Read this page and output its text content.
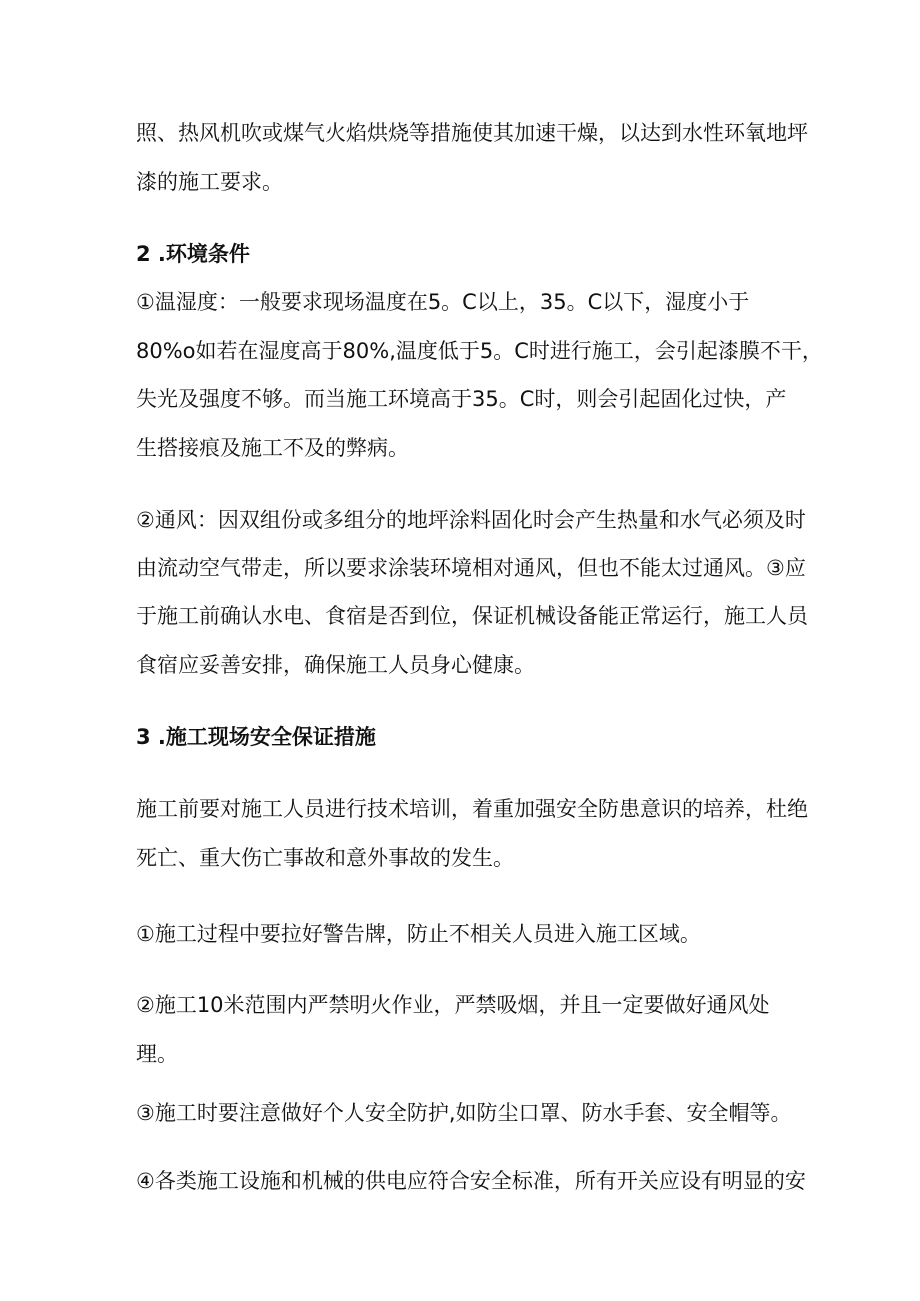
照、热风机吹或煤气火焰烘烧等措施使其加速干燥，以达到水性环氧地坪
漆的施工要求。
2 .环境条件
①温湿度：一般要求现场温度在5。C以上，35。C以下，湿度小于
80%o如若在湿度高于80%,温度低于5。C时进行施工，会引起漆膜不干，
失光及强度不够。而当施工环境高于35。C时，则会引起固化过快，产
生搭接痕及施工不及的弊病。
②通风：因双组份或多组分的地坪涂料固化时会产生热量和水气必须及时
由流动空气带走，所以要求涂装环境相对通风，但也不能太过通风。③应
于施工前确认水电、食宿是否到位，保证机械设备能正常运行，施工人员
食宿应妥善安排，确保施工人员身心健康。
3 .施工现场安全保证措施
施工前要对施工人员进行技术培训，着重加强安全防患意识的培养，杜绝
死亡、重大伤亡事故和意外事故的发生。
①施工过程中要拉好警告牌，防止不相关人员进入施工区域。
②施工10米范围内严禁明火作业，严禁吸烟，并且一定要做好通风处
理。
③施工时要注意做好个人安全防护,如防尘口罩、防水手套、安全帽等。
④各类施工设施和机械的供电应符合安全标准，所有开关应设有明显的安
